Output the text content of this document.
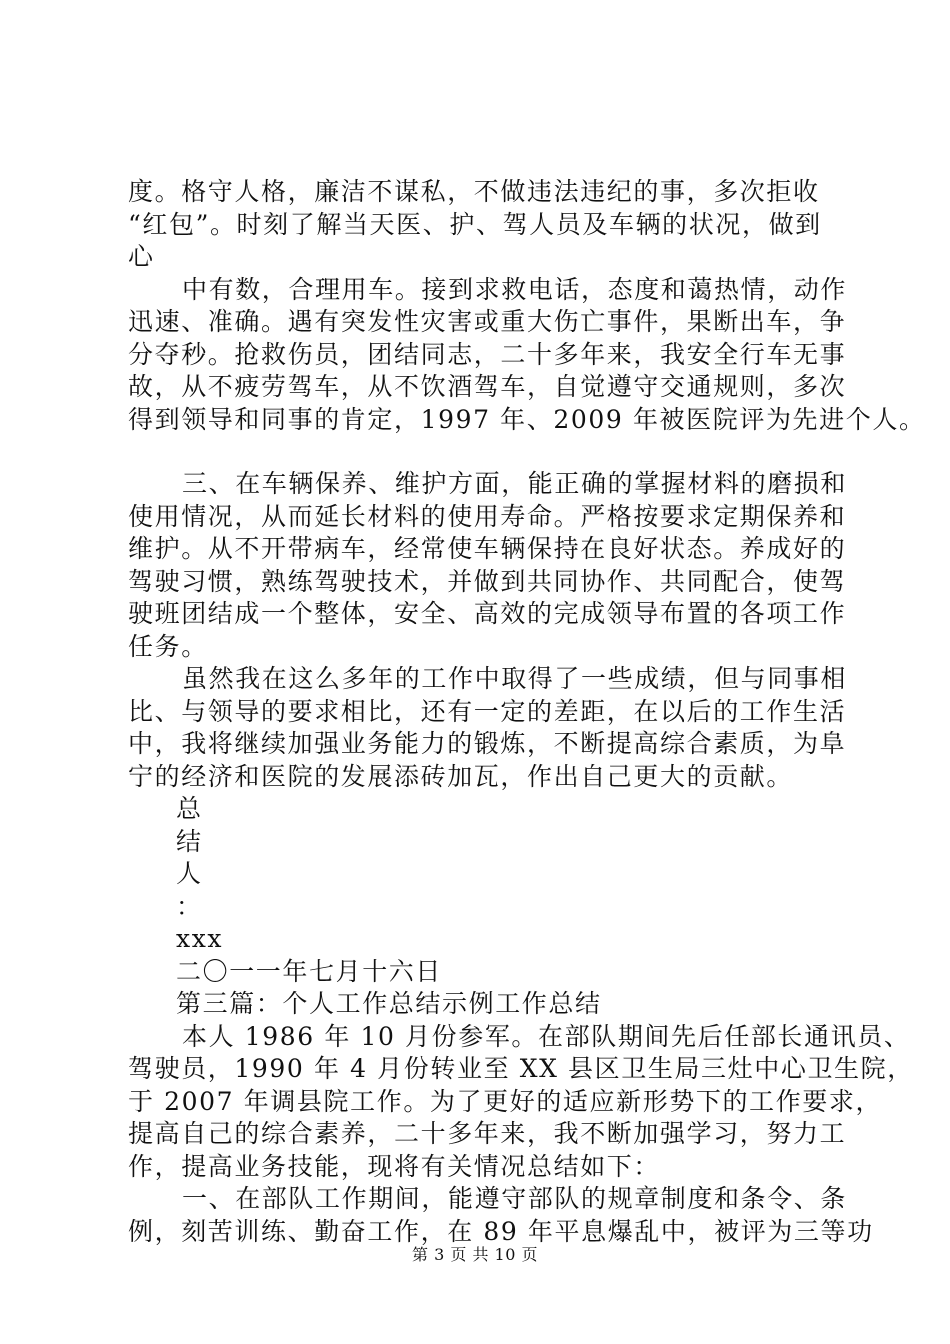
度。格守人格，廉洁不谋私，不做违法违纪的事，多次拒收
“红包”。时刻了解当天医、护、驾人员及车辆的状况，做到
心
中有数，合理用车。接到求救电话，态度和蔼热情，动作
迅速、准确。遇有突发性灾害或重大伤亡事件，果断出车，争
分夺秒。抢救伤员，团结同志，二十多年来，我安全行车无事
故，从不疲劳驾车，从不饮酒驾车，自觉遵守交通规则，多次
得到领导和同事的肯定，1997 年、2009 年被医院评为先进个人。
三、在车辆保养、维护方面，能正确的掌握材料的磨损和
使用情况，从而延长材料的使用寿命。严格按要求定期保养和
维护。从不开带病车，经常使车辆保持在良好状态。养成好的
驾驶习惯，熟练驾驶技术，并做到共同协作、共同配合，使驾
驶班团结成一个整体，安全、高效的完成领导布置的各项工作
任务。
虽然我在这么多年的工作中取得了一些成绩，但与同事相
比、与领导的要求相比，还有一定的差距，在以后的工作生活
中，我将继续加强业务能力的锻炼，不断提高综合素质，为阜
宁的经济和医院的发展添砖加瓦，作出自己更大的贡献。
总
结
人
：
xxx
二〇一一年七月十六日
第三篇：个人工作总结示例工作总结
本人 1986 年 10 月份参军。在部队期间先后任部长通讯员、
驾驶员，1990 年 4 月份转业至 XX 县区卫生局三灶中心卫生院，
于 2007 年调县院工作。为了更好的适应新形势下的工作要求，
提高自己的综合素养，二十多年来，我不断加强学习，努力工
作，提高业务技能，现将有关情况总结如下：
一、在部队工作期间，能遵守部队的规章制度和条令、条
例，刻苦训练、勤奋工作，在 89 年平息爆乱中，被评为三等功
第 3 页 共 10 页
